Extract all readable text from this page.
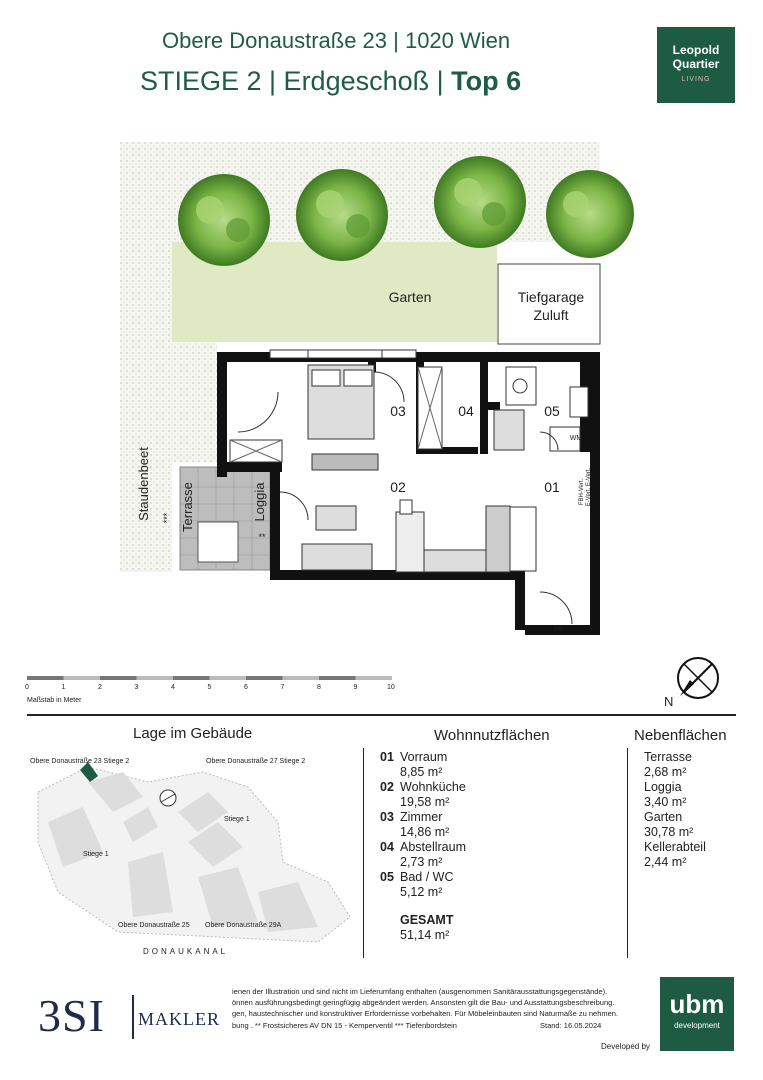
Obere Donaustraße 23 | 1020 Wien
STIEGE 2 | Erdgeschoß | Top 6
Leopold
Quartier
LIVING
Garten	Tiefgarage
Zuluft
Staudenbeet *** Terrasse	Loggia
**
03	04	05
02	01
WM
FBH-Vert. E-Vert. E-Vert.
2/6
0	1	2	3	4	5	6	7	8	9	10
Maßstab in Meter	N
Lage im Gebäude
Obere Donaustraße 23 Stiege 2	Obere Donaustraße 27 Stiege 2
Stiege 1
Stiege 1
Obere Donaustraße 25 Obere Donaustraße 29A
DONAUKANAL
Wohnnutzflächen
01 Vorraum
8,85 m²
02 Wohnküche
19,58 m²
03 Zimmer
14,86 m²
04 Abstellraum
2,73 m²
05 Bad / WC
5,12 m²
GESAMT
51,14 m²
Nebenflächen
Terrasse
2,68 m²
Loggia
3,40 m²
Garten
30,78 m²
Kellerabteil
2,44 m²
3SI MAKLER
ienen der Illustration und sind nicht im Lieferumfang enthalten (ausgenommen Sanitärausstattungsgegenstände).
önnen ausführungsbedingt geringfügig abgeändert werden. Ansonsten gilt die Bau- und Ausstattungsbeschreibung.
gen, haustechnischer und konstruktiver Erfordernisse vorbehalten. Für Möbeleinbauten sind Naturmaße zu nehmen.
bung . ** Frostsicheres AV DN 15 - Kemperventil *** Tiefenbordstein	Stand: 16.05.2024
Developed by
ubm
development
